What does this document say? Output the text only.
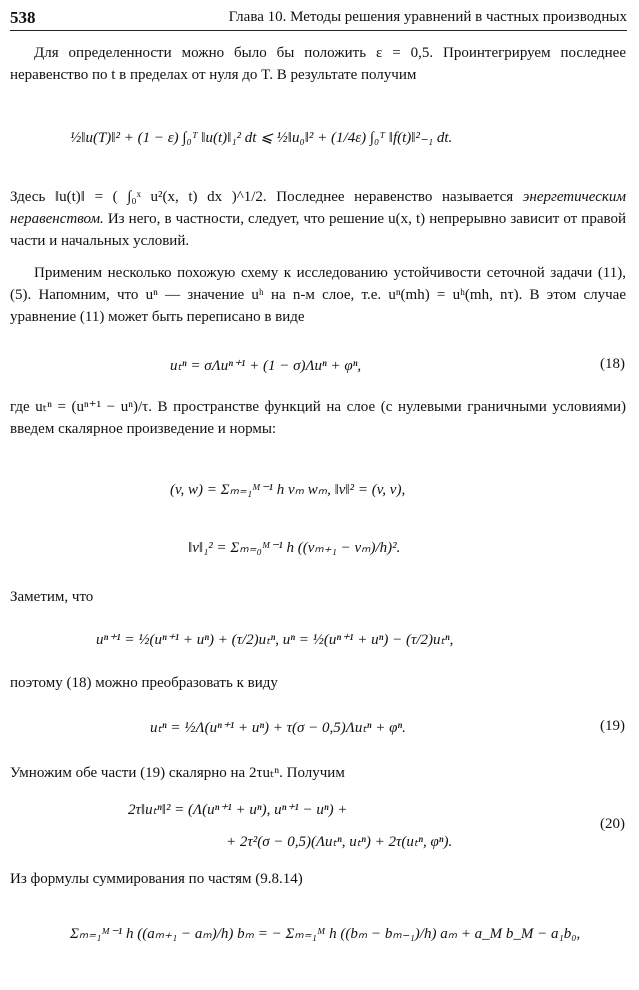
538	Глава 10. Методы решения уравнений в частных производных
Для определенности можно было бы положить ε = 0,5. Проинтегрируем последнее неравенство по t в пределах от нуля до T. В результате получим
½‖u(T)‖² + (1 − ε) ∫₀ᵀ ‖u(t)‖₁² dt ⩽ ½‖u₀‖² + (1/4ε) ∫₀ᵀ ‖f(t)‖²₋₁ dt.
Здесь ‖u(t)‖ = ( ∫₀ˣ u²(x, t) dx )^1/2. Последнее неравенство называется энергетическим неравенством. Из него, в частности, следует, что решение u(x, t) непрерывно зависит от правой части и начальных условий.
Применим несколько похожую схему к исследованию устойчивости сеточной задачи (11), (5). Напомним, что uⁿ — значение uʰ на n-м слое, т.е. uⁿ(mh) = uʰ(mh, nτ). В этом случае уравнение (11) может быть переписано в виде
uₜⁿ = σΛuⁿ⁺¹ + (1 − σ)Λuⁿ + φⁿ,	(18)
где uₜⁿ = (uⁿ⁺¹ − uⁿ)/τ. В пространстве функций на слое (с нулевыми граничными условиями) введем скалярное произведение и нормы:
(v, w) = Σₘ₌₁ᴹ⁻¹ h vₘ wₘ, ‖v‖² = (v, v),
‖v‖₁² = Σₘ₌₀ᴹ⁻¹ h ((vₘ₊₁ − vₘ)/h)².
Заметим, что
uⁿ⁺¹ = ½(uⁿ⁺¹ + uⁿ) + (τ/2)uₜⁿ, uⁿ = ½(uⁿ⁺¹ + uⁿ) − (τ/2)uₜⁿ,
поэтому (18) можно преобразовать к виду
uₜⁿ = ½Λ(uⁿ⁺¹ + uⁿ) + τ(σ − 0,5)Λuₜⁿ + φⁿ.	(19)
Умножим обе части (19) скалярно на 2τuₜⁿ. Получим
2τ‖uₜⁿ‖² = (Λ(uⁿ⁺¹ + uⁿ), uⁿ⁺¹ − uⁿ) +
+ 2τ²(σ − 0,5)(Λuₜⁿ, uₜⁿ) + 2τ(uₜⁿ, φⁿ).
(20)
Из формулы суммирования по частям (9.8.14)
Σₘ₌₁ᴹ⁻¹ h ((aₘ₊₁ − aₘ)/h) bₘ = − Σₘ₌₁ᴹ h ((bₘ − bₘ₋₁)/h) aₘ + a_M b_M − a₁b₀,
